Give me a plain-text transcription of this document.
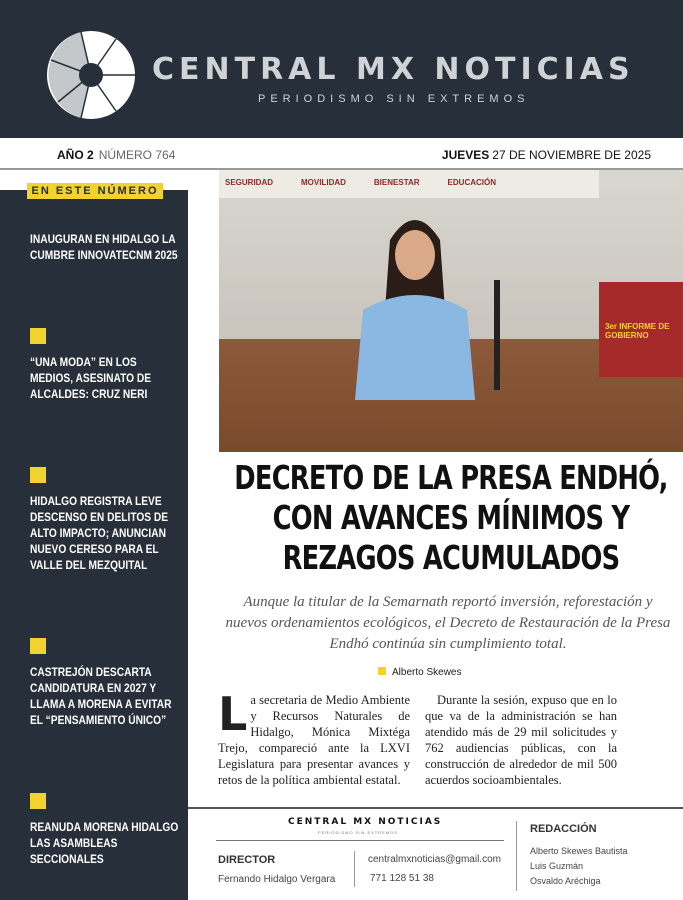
CENTRAL MX NOTICIAS
PERIODISMO SIN EXTREMOS
AÑO 2 NÚMERO 764	JUEVES 27 DE NOVIEMBRE DE 2025
EN ESTE NÚMERO
INAUGURAN EN HIDALGO LA CUMBRE INNOVATECNM 2025
“UNA MODA” EN LOS MEDIOS, ASESINATO DE ALCALDES: CRUZ NERI
HIDALGO REGISTRA LEVE DESCENSO EN DELITOS DE ALTO IMPACTO; ANUNCIAN NUEVO CERESO PARA EL VALLE DEL MEZQUITAL
CASTREJÓN DESCARTA CANDIDATURA EN 2027 Y LLAMA A MORENA A EVITAR EL “PENSAMIENTO ÚNICO”
REANUDA MORENA HIDALGO LAS ASAMBLEAS SECCIONALES
SEGURIDAD	MOVILIDAD	BIENESTAR	EDUCACIÓN
3er INFORME DE GOBIERNO
DECRETO DE LA PRESA ENDHÓ, CON AVANCES MÍNIMOS Y REZAGOS ACUMULADOS
Aunque la titular de la Semarnath reportó inversión, reforestación y nuevos ordenamientos ecológicos, el Decreto de Restauración de la Presa Endhó continúa sin cumplimiento total.
Alberto Skewes
La secretaria de Medio Ambiente y Recursos Naturales de Hidalgo, Mónica Mixtéga Trejo, compareció ante la LXVI Legislatura para presentar avances y retos de la política ambiental estatal.
Durante la sesión, expuso que en lo que va de la administración se han atendido más de 29 mil solicitudes y 762 audiencias públicas, con la construcción de alrededor de mil 500 acuerdos socioambientales.
CENTRAL MX NOTICIAS
PERIODISMO SIN EXTREMOS
DIRECTOR
Fernando Hidalgo Vergara
centralmxnoticias@gmail.com
771 128 51 38
REDACCIÓN
Alberto Skewes Bautista
Luis Guzmán
Osvaldo Aréchiga
